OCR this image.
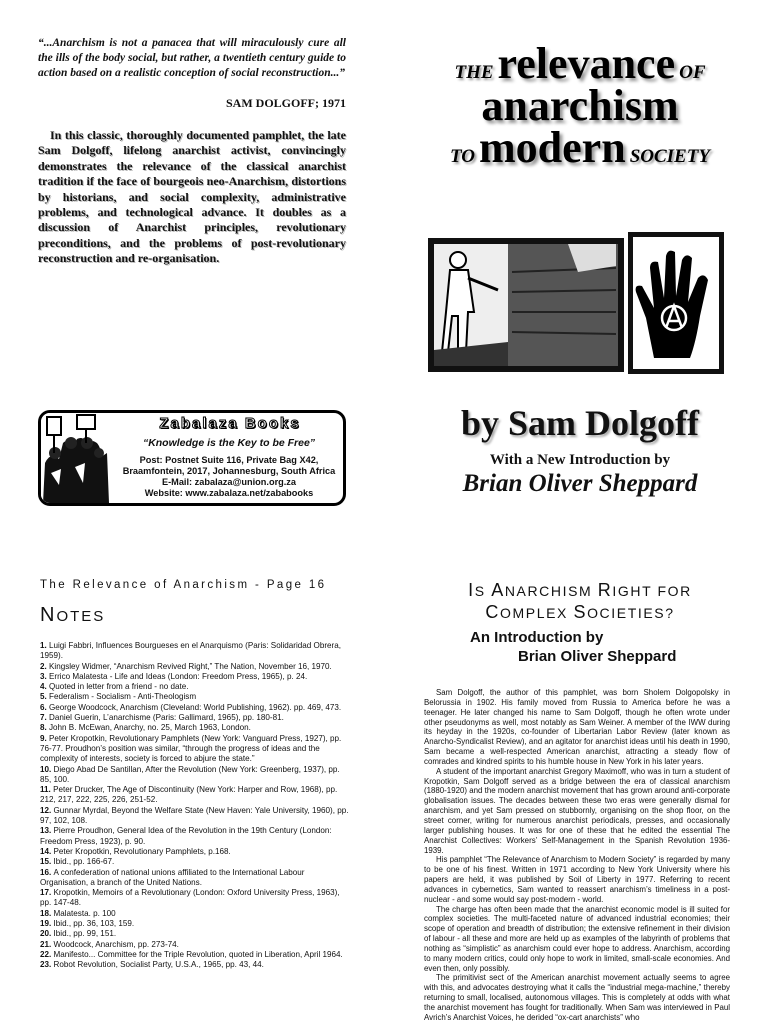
“...Anarchism is not a panacea that will miraculously cure all the ills of the body social, but rather, a twentieth century guide to action based on a realistic conception of social reconstruction...”
SAM DOLGOFF; 1971
In this classic, thoroughly documented pamphlet, the late Sam Dolgoff, lifelong anarchist activist, convincingly demonstrates the relevance of the classical anarchist tradition if the face of bourgeois neo-Anarchism, distortions by historians, and social complexity, administrative problems, and technological advance. It doubles as a discussion of Anarchist principles, revolutionary preconditions, and the problems of post-revolutionary reconstruction and re-organisation.
Zabalaza Books
“Knowledge is the Key to be Free”
Post: Postnet Suite 116, Private Bag X42,
Braamfontein, 2017, Johannesburg, South Africa
E-Mail: zabalaza@union.org.za
Website: www.zabalaza.net/zababooks
THE relevance OF
anarchism
TO modern SOCIETY
by Sam Dolgoff
With a New Introduction by
Brian Oliver Sheppard
The Relevance of Anarchism - Page 16
NOTES
1. Luigi Fabbri, Influences Bourgueses en el Anarquismo (Paris: Solidaridad Obrera, 1959).
2. Kingsley Widmer, “Anarchism Revived Right,” The Nation, November 16, 1970.
3. Errico Malatesta - Life and Ideas (London: Freedom Press, 1965), p. 24.
4. Quoted in letter from a friend - no date.
5. Federalism - Socialism - Anti-Theologism
6. George Woodcock, Anarchism (Cleveland: World Publishing, 1962). pp. 469, 473.
7. Daniel Guerin, L’anarchisme (Paris: Gallimard, 1965), pp. 180-81.
8. John B. McEwan, Anarchy, no. 25, March 1963, London.
9. Peter Kropotkin, Revolutionary Pamphlets (New York: Vanguard Press, 1927), pp. 76-77. Proudhon’s position was similar, “through the progress of ideas and the complexity of interests, society is forced to abjure the state.”
10. Diego Abad De Santillan, After the Revolution (New York: Greenberg, 1937), pp. 85, 100.
11. Peter Drucker, The Age of Discontinuity (New York: Harper and Row, 1968), pp. 212, 217, 222, 225, 226, 251-52.
12. Gunnar Myrdal, Beyond the Welfare State (New Haven: Yale University, 1960), pp. 97, 102, 108.
13. Pierre Proudhon, General Idea of the Revolution in the 19th Century (London: Freedom Press, 1923), p. 90.
14. Peter Kropotkin, Revolutionary Pamphlets, p.168.
15. Ibid., pp. 166-67.
16. A confederation of national unions affiliated to the International Labour Organisation, a branch of the United Nations.
17. Kropotkin, Memoirs of a Revolutionary (London: Oxford University Press, 1963), pp. 147-48.
18. Malatesta. p. 100
19. Ibid., pp. 36, 103, 159.
20. Ibid., pp. 99, 151.
21. Woodcock, Anarchism, pp. 273-74.
22. Manifesto... Committee for the Triple Revolution, quoted in Liberation, April 1964.
23. Robot Revolution, Socialist Party, U.S.A., 1965, pp. 43, 44.
IS ANARCHISM RIGHT FOR
COMPLEX SOCIETIES?
An Introduction by
Brian Oliver Sheppard

Sam Dolgoff, the author of this pamphlet, was born Sholem Dolgopolsky in Belorussia in 1902. His family moved from Russia to America before he was a teenager. He later changed his name to Sam Dolgoff, though he often wrote under other pseudonyms as well, most notably as Sam Weiner. A member of the IWW during its heyday in the 1920s, co-founder of Libertarian Labor Review (later known as Anarcho-Syndicalist Review), and an agitator for anarchist ideas until his death in 1990, Sam became a well-respected American anarchist, attracting a steady flow of comrades and kindred spirits to his humble house in New York in his later years.

A student of the important anarchist Gregory Maximoff, who was in turn a student of Kropotkin, Sam Dolgoff served as a bridge between the era of classical anarchism (1880-1920) and the modern anarchist movement that has grown around anti-corporate globalisation issues. The decades between these two eras were generally dismal for anarchism, and yet Sam pressed on stubbornly, organising on the shop floor, on the street corner, writing for numerous anarchist periodicals, presses, and occasionally larger publishing houses. It was for one of these that he edited the essential The Anarchist Collectives: Workers’ Self-Management in the Spanish Revolution 1936-1939.

His pamphlet “The Relevance of Anarchism to Modern Society” is regarded by many to be one of his finest. Written in 1971 according to New York University where his papers are held, it was published by Soil of Liberty in 1977. Referring to recent advances in cybernetics, Sam wanted to reassert anarchism’s timeliness in a post-nuclear - and some would say post-modern - world.

The charge has often been made that the anarchist economic model is ill suited for complex societies. The multi-faceted nature of advanced industrial economies; their scope of operation and breadth of distribution; the extensive refinement in their division of labour - all these and more are held up as examples of the labyrinth of problems that nothing as “simplistic” as anarchism could ever hope to address. Anarchism, according to many modern critics, could only hope to work in limited, small-scale economies. And even then, only possibly.

The primitivist sect of the American anarchist movement actually seems to agree with this, and advocates destroying what it calls the “industrial mega-machine,” thereby returning to small, localised, autonomous villages. This is completely at odds with what the anarchist movement has fought for traditionally. When Sam was interviewed in Paul Avrich’s Anarchist Voices, he derided “ox-cart anarchists” who
